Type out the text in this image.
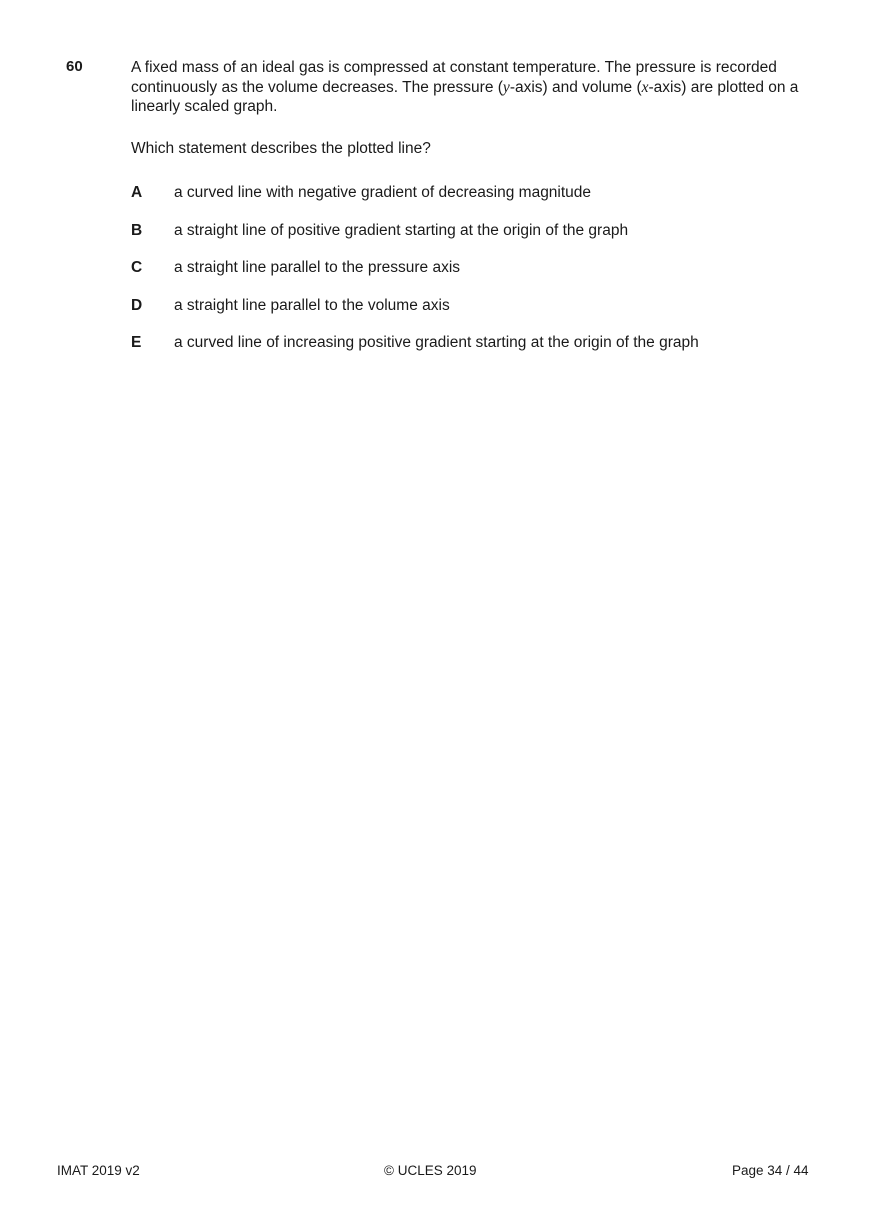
60	A fixed mass of an ideal gas is compressed at constant temperature. The pressure is recorded continuously as the volume decreases. The pressure (y-axis) and volume (x-axis) are plotted on a linearly scaled graph.
Which statement describes the plotted line?
A a curved line with negative gradient of decreasing magnitude
B a straight line of positive gradient starting at the origin of the graph
C a straight line parallel to the pressure axis
D a straight line parallel to the volume axis
E a curved line of increasing positive gradient starting at the origin of the graph
IMAT 2019 v2	© UCLES 2019	Page 34 / 44
